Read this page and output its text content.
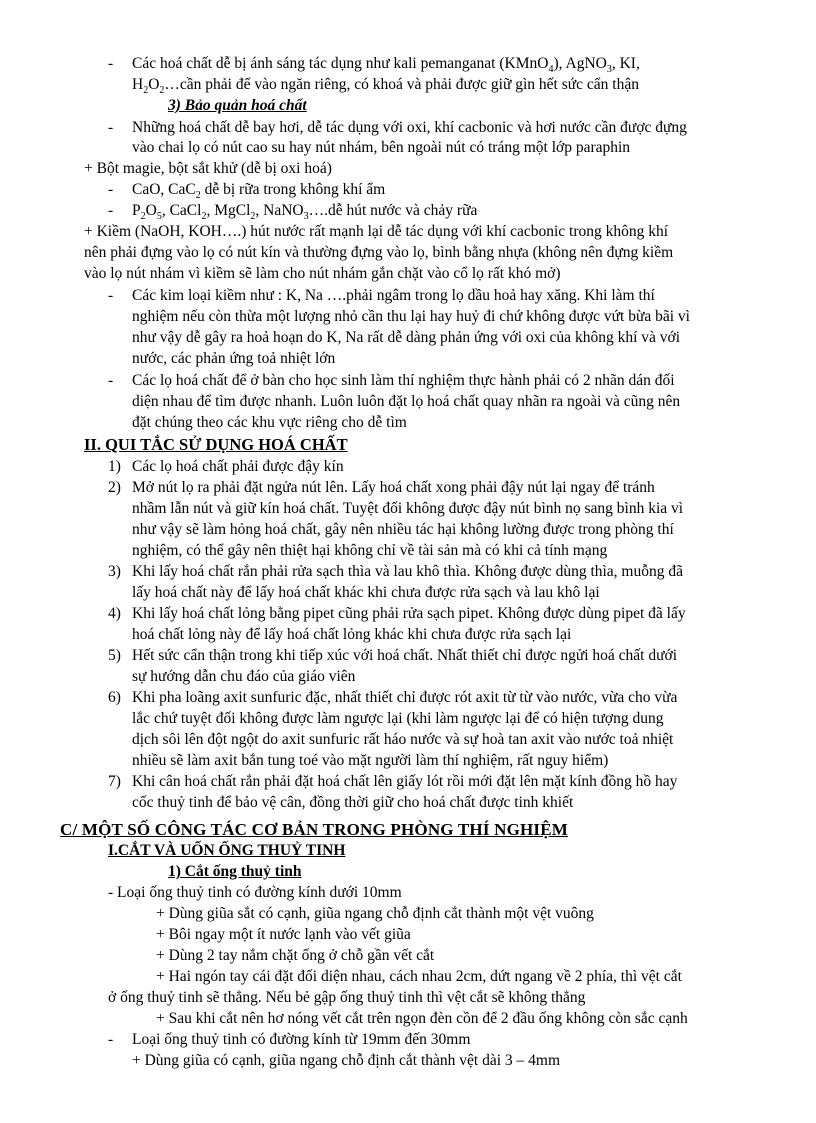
- Các hoá chất dễ bị ánh sáng tác dụng như kali pemanganat (KMnO$_4$), AgNO$_3$, KI,
$H_2O_2\dots cần$ phải để vào ngăn riêng, có khoá và phải được giữ gìn hết sức cẩn thận
3) Bảo quản hoá chất
- Những hoá chất dễ bay hơi, dễ tác dụng với oxi, khí cacbonic và hơi nước cần được đựng
vào chai lọ có nút cao su hay nút nhám, bên ngoài nút có tráng một lớp paraphin
+ Bột magie, bột sắt khử (dễ bị oxi hoá)
- CaO, CaC$_2$ dễ bị rữa trong không khí ẩm
- $P_2O_5$, CaCl$_2$, MgCl$_2$, NaNO$_3$….dễ hút nước và chảy rữa
+ Kiềm (NaOH, KOH….) hút nước rất mạnh lại dễ tác dụng với khí cacbonic trong không khí
nên phải đựng vào lọ có nút kín và thường đựng vào lọ, bình bằng nhựa (không nên đựng kiềm
vào lọ nút nhám vì kiềm sẽ làm cho nút nhám gắn chặt vào cổ lọ rất khó mở)
- Các kim loại kiềm như : K, Na ….phải ngâm trong lọ dầu hoả hay xăng. Khi làm thí
nghiệm nếu còn thừa một lượng nhỏ cần thu lại hay huỷ đi chứ không được vứt bừa bãi vì
như vậy dễ gây ra hoả hoạn do K, Na rất dễ dàng phản ứng với oxi của không khí và với
nước, các phản ứng toả nhiệt lớn
- Các lọ hoá chất để ở bàn cho học sinh làm thí nghiệm thực hành phải có 2 nhãn dán đối
diện nhau để tìm được nhanh. Luôn luôn đặt lọ hoá chất quay nhãn ra ngoài và cũng nên
đặt chúng theo các khu vực riêng cho dễ tìm
II. QUI TẮC SỬ DỤNG HOÁ CHẤT
1) Các lọ hoá chất phải được đậy kín
2) Mở nút lọ ra phải đặt ngửa nút lên. Lấy hoá chất xong phải đậy nút lại ngay để tránh
nhầm lẫn nút và giữ kín hoá chất. Tuyệt đối không được đậy nút bình nọ sang bình kia vì
như vậy sẽ làm hỏng hoá chất, gây nên nhiều tác hại không lường được trong phòng thí
nghiệm, có thể gây nên thiệt hại không chỉ về tài sản mà có khi cả tính mạng
3) Khi lấy hoá chất rắn phải rửa sạch thìa và lau khô thìa. Không được dùng thìa, muỗng đã
lấy hoá chất này để lấy hoá chất khác khi chưa được rửa sạch và lau khô lại
4) Khi lấy hoá chất lỏng bằng pipet cũng phải rửa sạch pipet. Không được dùng pipet đã lấy
hoá chất lỏng này để lấy hoá chất lỏng khác khi chưa được rửa sạch lại
5) Hết sức cẩn thận trong khi tiếp xúc với hoá chất. Nhất thiết chỉ được ngửi hoá chất dưới
sự hướng dẫn chu đáo của giáo viên
6) Khi pha loãng axit sunfuric đặc, nhất thiết chỉ được rót axit từ từ vào nước, vừa cho vừa
lắc chứ tuyệt đối không được làm ngược lại (khi làm ngược lại để có hiện tượng dung
dịch sôi lên đột ngột do axit sunfuric rất háo nước và sự hoà tan axit vào nước toả nhiệt
nhiều sẽ làm axit bắn tung toé vào mặt người làm thí nghiệm, rất nguy hiểm)
7) Khi cân hoá chất rắn phải đặt hoá chất lên giấy lót rồi mới đặt lên mặt kính đồng hồ hay
cốc thuỷ tinh để bảo vệ cân, đồng thời giữ cho hoá chất được tinh khiết
C/ MỘT SỐ CÔNG TÁC CƠ BẢN TRONG PHÒNG THÍ NGHIỆM
I.CẮT VÀ UỐN ỐNG THUỶ TINH
1) Cắt ống thuỷ tinh
- Loại ống thuỷ tinh có đường kính dưới 10mm
+ Dùng giũa sắt có cạnh, giũa ngang chỗ định cắt thành một vệt vuông
+ Bôi ngay một ít nước lạnh vào vết giũa
+ Dùng 2 tay nắm chặt ống ở chỗ gần vết cắt
+ Hai ngón tay cái đặt đối diện nhau, cách nhau 2cm, dứt ngang về 2 phía, thì vệt cắt
ở ống thuỷ tinh sẽ thẳng. Nếu bẻ gập ống thuỷ tinh thì vệt cắt sẽ không thẳng
+ Sau khi cắt nên hơ nóng vết cắt trên ngọn đèn cồn để 2 đầu ống không còn sắc cạnh
- Loại ống thuỷ tinh có đường kính từ 19mm đến 30mm
+ Dùng giũa có cạnh, giũa ngang chỗ định cắt thành vệt dài 3 – 4mm
